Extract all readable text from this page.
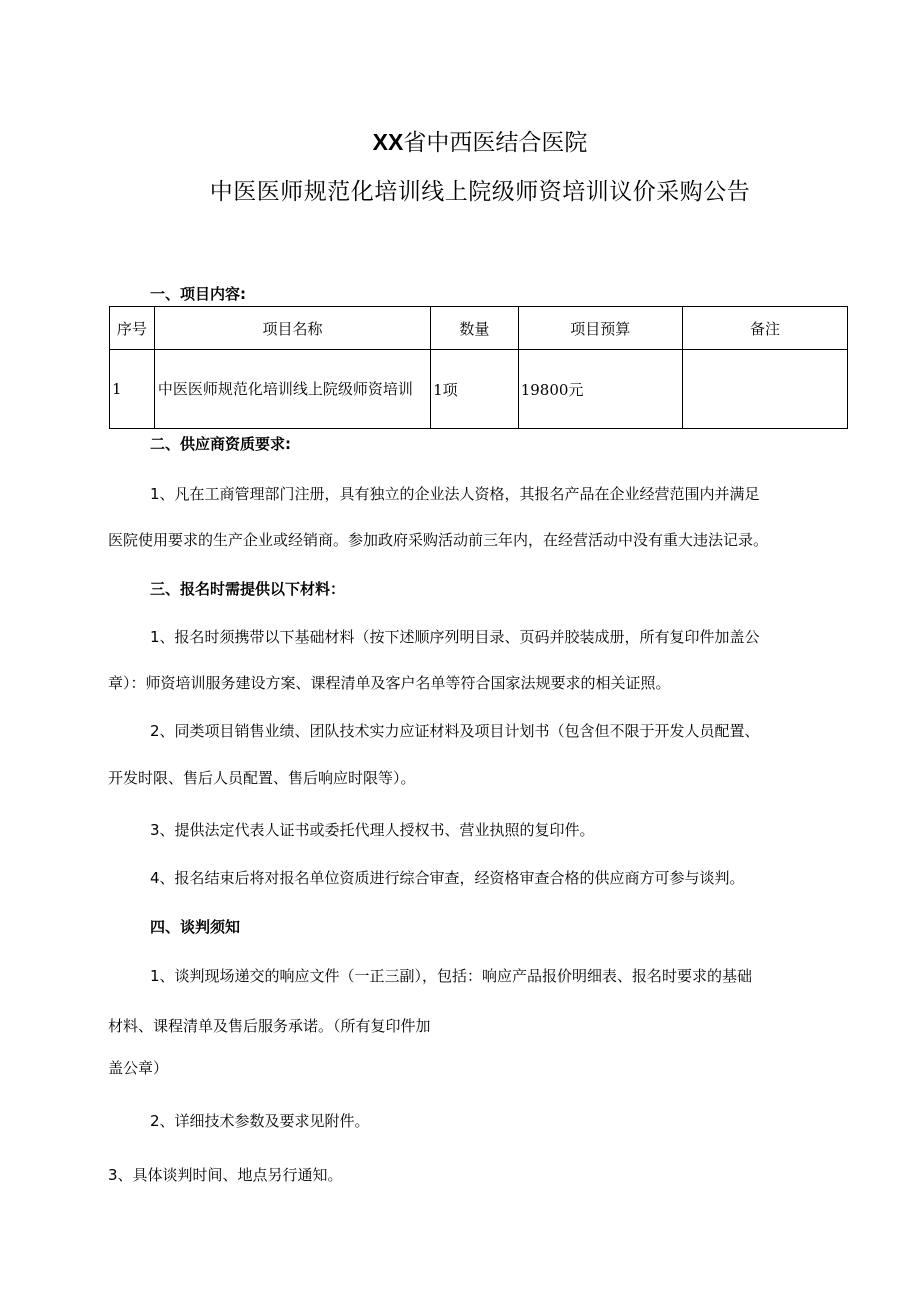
XX省中西医结合医院
中医医师规范化培训线上院级师资培训议价采购公告
一、项目内容:
序号	项目名称	数量	项目预算	备注
1	中医医师规范化培训线上院级师资培训	1项	19800元	
二、供应商资质要求:
1、凡在工商管理部门注册，具有独立的企业法人资格，其报名产品在企业经营范围内并满足
医院使用要求的生产企业或经销商。参加政府采购活动前三年内，在经营活动中没有重大违法记录。
三、报名时需提供以下材料：
1、报名时须携带以下基础材料（按下述顺序列明目录、页码并胶装成册，所有复印件加盖公
章）：师资培训服务建设方案、课程清单及客户名单等符合国家法规要求的相关证照。
2、同类项目销售业绩、团队技术实力应证材料及项目计划书（包含但不限于开发人员配置、
开发时限、售后人员配置、售后响应时限等）。
3、提供法定代表人证书或委托代理人授权书、营业执照的复印件。
4、报名结束后将对报名单位资质进行综合审查，经资格审查合格的供应商方可参与谈判。
四、谈判须知
1、谈判现场递交的响应文件（一正三副），包括：响应产品报价明细表、报名时要求的基础
材料、课程清单及售后服务承诺。（所有复印件加
盖公章）
2、详细技术参数及要求见附件。
3、具体谈判时间、地点另行通知。
